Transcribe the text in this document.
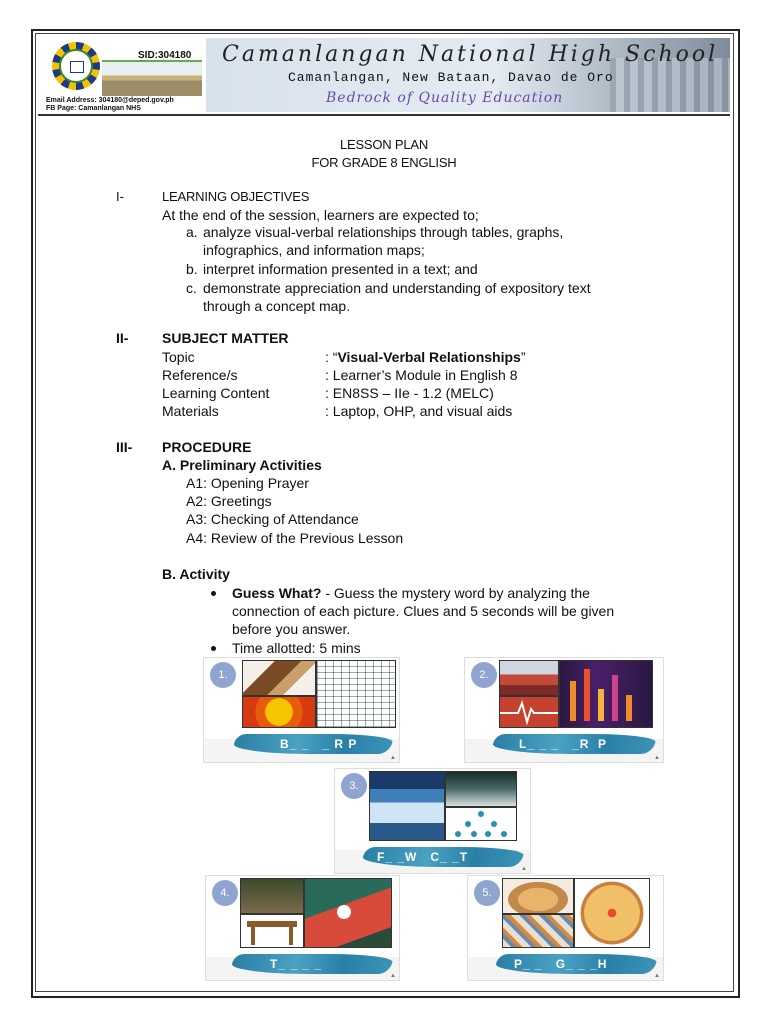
SID:304180
Email Address: 304180@deped.gov.ph
FB Page: Camanlangan NHS
Camanlangan National High School
Camanlangan, New Bataan, Davao de Oro
Bedrock of Quality Education
LESSON PLAN
FOR GRADE 8 ENGLISH
I-	LEARNING OBJECTIVES
At the end of the session, learners are expected to;
a. analyze visual-verbal relationships through tables, graphs,
infographics, and information maps;
b. interpret information presented in a text; and
c. demonstrate appreciation and understanding of expository text
through a concept map.
II- SUBJECT MATTER
Topic	: “Visual-Verbal Relationships”
Reference/s	: Learner’s Module in English 8
Learning Content	: EN8SS – IIe - 1.2 (MELC)
Materials	: Laptop, OHP, and visual aids
III- PROCEDURE
A. Preliminary Activities
A1: Opening Prayer
A2: Greetings
A3: Checking of Attendance
A4: Review of the Previous Lesson
B. Activity
Guess What? - Guess the mystery word by analyzing the
connection of each picture. Clues and 5 seconds will be given
before you answer.
Time allotted: 5 mins
1.
B_ _   _ R P
▲
2.
L_ _ _   _R  P
▲
3.
F_ _W   C_ _T
▲
4.
T_ _ _ _
▲
5.
P_ _   G_ _ _H
▲
